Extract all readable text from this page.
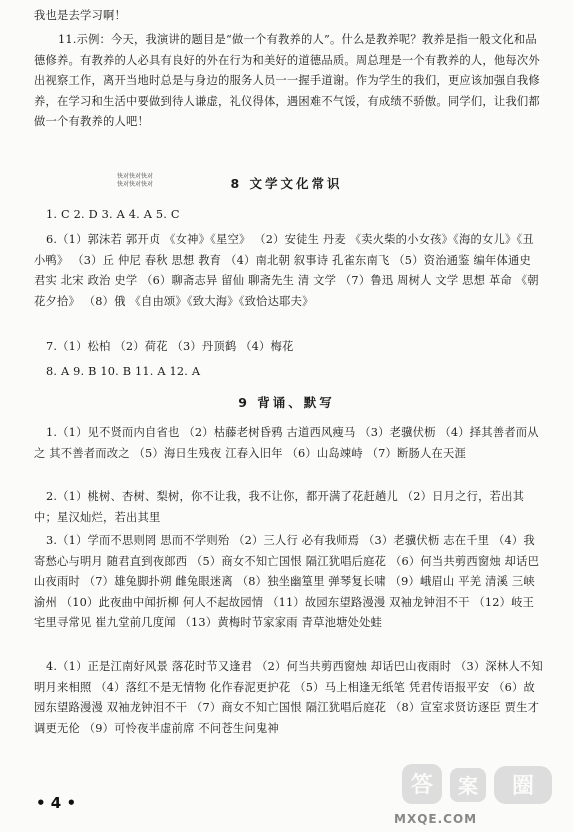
我也是去学习啊！
11.示例：今天，我演讲的题目是“做一个有教养的人”。什么是教养呢？教养是指一般文化和品德修养。有教养的人必具有良好的外在行为和美好的道德品质。周总理是一个有教养的人，他每次外出视察工作，离开当地时总是与身边的服务人员一一握手道谢。作为学生的我们，更应该加强自我修养，在学习和生活中要做到待人谦虚，礼仪得体，遇困难不气馁，有成绩不骄傲。同学们，让我们都做一个有教养的人吧！
快对快对快对
快对快对快对	8 文学文化常识
1. C 2. D 3. A 4. A 5. C
6.（1）郭沫若 郭开贞 《女神》《星空》 （2）安徒生 丹麦 《卖火柴的小女孩》《海的女儿》《丑小鸭》 （3）丘 仲尼 春秋 思想 教育 （4）南北朝 叙事诗 孔雀东南飞 （5）资治通鉴 编年体通史 君实 北宋 政治 史学 （6）聊斋志异 留仙 聊斋先生 清 文学 （7）鲁迅 周树人 文学 思想 革命 《朝花夕拾》 （8）俄 《自由颂》《致大海》《致恰达耶夫》
7.（1）松柏 （2）荷花 （3）丹顶鹤 （4）梅花
8. A 9. B 10. B 11. A 12. A
9 背诵、默写
1.（1）见不贤而内自省也 （2）枯藤老树昏鸦 古道西风瘦马 （3）老骥伏枥 （4）择其善者而从之 其不善者而改之 （5）海日生残夜 江春入旧年 （6）山岛竦峙 （7）断肠人在天涯
2.（1）桃树、杏树、梨树，你不让我，我不让你，都开满了花赶趟儿 （2）日月之行，若出其中；星汉灿烂，若出其里
3.（1）学而不思则罔 思而不学则殆 （2）三人行 必有我师焉 （3）老骥伏枥 志在千里 （4）我寄愁心与明月 随君直到夜郎西 （5）商女不知亡国恨 隔江犹唱后庭花 （6）何当共剪西窗烛 却话巴山夜雨时 （7）雄兔脚扑朔 雌兔眼迷离 （8）独坐幽篁里 弹琴复长啸 （9）峨眉山 平羌 清溪 三峡 渝州 （10）此夜曲中闻折柳 何人不起故园情 （11）故园东望路漫漫 双袖龙钟泪不干 （12）岐王宅里寻常见 崔九堂前几度闻 （13）黄梅时节家家雨 青草池塘处处蛙
4.（1）正是江南好风景 落花时节又逢君 （2）何当共剪西窗烛 却话巴山夜雨时 （3）深林人不知 明月来相照 （4）落红不是无情物 化作春泥更护花 （5）马上相逢无纸笔 凭君传语报平安 （6）故园东望路漫漫 双袖龙钟泪不干 （7）商女不知亡国恨 隔江犹唱后庭花 （8）宣室求贤访逐臣 贾生才调更无伦 （9）可怜夜半虚前席 不问苍生问鬼神
• 4 •
答 案 圈
MXQE.COM
